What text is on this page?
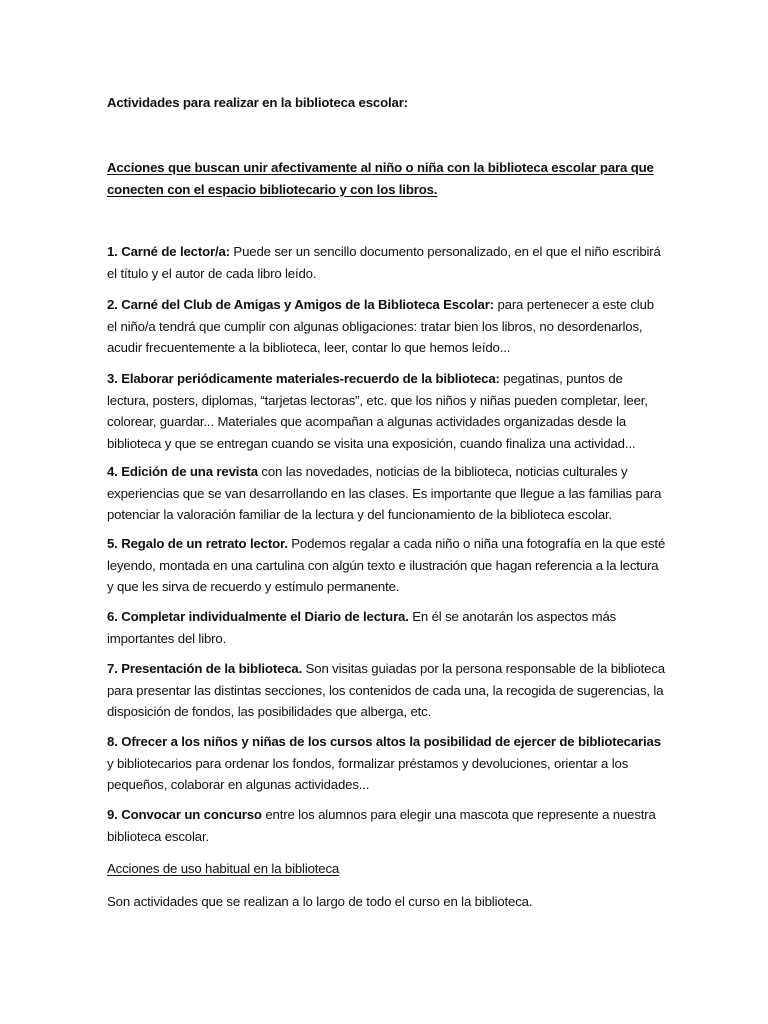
Actividades para realizar en la biblioteca escolar:

Acciones que buscan unir afectivamente al niño o niña con la biblioteca escolar para que conecten con el espacio bibliotecario y con los libros.

1. Carné de lector/a: Puede ser un sencillo documento personalizado, en el que el niño escribirá el título y el autor de cada libro leído.

2. Carné del Club de Amigas y Amigos de la Biblioteca Escolar: para pertenecer a este club el niño/a tendrá que cumplir con algunas obligaciones: tratar bien los libros, no desordenarlos, acudir frecuentemente a la biblioteca, leer, contar lo que hemos leído...

3. Elaborar periódicamente materiales-recuerdo de la biblioteca: pegatinas, puntos de lectura, posters, diplomas, “tarjetas lectoras”, etc. que los niños y niñas pueden completar, leer, colorear, guardar... Materiales que acompañan a algunas actividades organizadas desde la biblioteca y que se entregan cuando se visita una exposición, cuando finaliza una actividad...

4. Edición de una revista con las novedades, noticias de la biblioteca, noticias culturales y experiencias que se van desarrollando en las clases. Es importante que llegue a las familias para potenciar la valoración familiar de la lectura y del funcionamiento de la biblioteca escolar.

5. Regalo de un retrato lector. Podemos regalar a cada niño o niña una fotografía en la que esté leyendo, montada en una cartulina con algún texto e ilustración que hagan referencia a la lectura y que les sirva de recuerdo y estímulo permanente.

6. Completar individualmente el Diario de lectura. En él se anotarán los aspectos más importantes del libro.

7. Presentación de la biblioteca. Son visitas guiadas por la persona responsable de la biblioteca para presentar las distintas secciones, los contenidos de cada una, la recogida de sugerencias, la disposición de fondos, las posibilidades que alberga, etc.

8. Ofrecer a los niños y niñas de los cursos altos la posibilidad de ejercer de bibliotecarias y bibliotecarios para ordenar los fondos, formalizar préstamos y devoluciones, orientar a los pequeños, colaborar en algunas actividades...

9. Convocar un concurso entre los alumnos para elegir una mascota que represente a nuestra biblioteca escolar.

Acciones de uso habitual en la biblioteca

Son actividades que se realizan a lo largo de todo el curso en la biblioteca.
